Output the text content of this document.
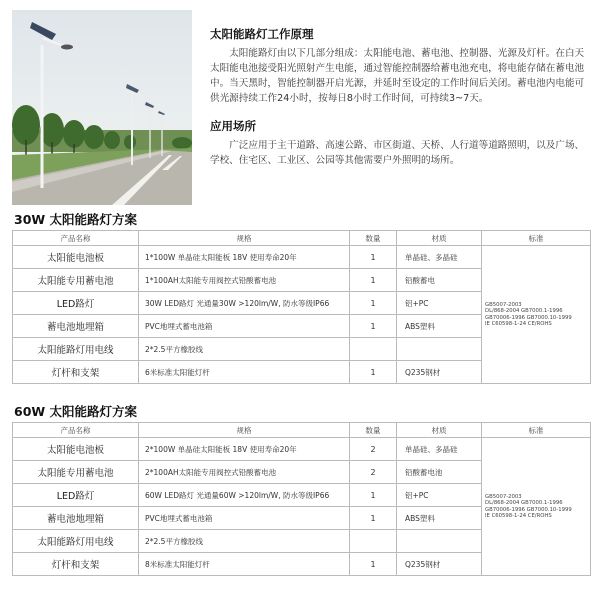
太阳能路灯工作原理

太阳能路灯由以下几部分组成：太阳能电池、蓄电池、控制器、光源及灯杆。在白天太阳能电池接受阳光照射产生电能，通过智能控制器给蓄电池充电，将电能存储在蓄电池中。当天黑时，智能控制器开启光源，并延时至设定的工作时间后关闭。蓄电池内电能可供光源持续工作24小时，按每日8小时工作时间，可持续3~7天。

应用场所

广泛应用于主干道路、高速公路、市区街道、天桥、人行道等道路照明，以及广场、学校、住宅区、工业区、公园等其他需要户外照明的场所。

30W 太阳能路灯方案
产品名称	规格	数量	材质	标准
太阳能电池板	1*100W 单晶硅太阳能板 18V 使用寿命20年	1	单晶硅、多晶硅	GB5007-2003
DL/868-2004 GB7000.1-1996
GB70006-1996 GB7000.10-1999
IE C60598-1-24 CE/ROHS

太阳能专用蓄电池	1*100AH太阳能专用阀控式铅酸蓄电池	1	铅酸蓄电	
LED路灯	30W LED路灯 光通量30W >120lm/W, 防水等级IP66	1	铝+PC	
蓄电池地埋箱	PVC地埋式蓄电池箱	1	ABS塑料	
太阳能路灯用电线	2*2.5平方橡胶线			
灯杆和支架	6米标准太阳能灯杆	1	Q235钢材	
60W 太阳能路灯方案
产品名称	规格	数量	材质	标准
太阳能电池板	2*100W 单晶硅太阳能板 18V 使用寿命20年	2	单晶硅、多晶硅	GB5007-2003
DL/868-2004 GB7000.1-1996
GB70006-1996 GB7000.10-1999
IE C60598-1-24 CE/ROHS

太阳能专用蓄电池	2*100AH太阳能专用阀控式铅酸蓄电池	2	铅酸蓄电池	
LED路灯	60W LED路灯 光通量60W >120lm/W, 防水等级IP66	1	铝+PC	
蓄电池地埋箱	PVC地埋式蓄电池箱	1	ABS塑料	
太阳能路灯用电线	2*2.5平方橡胶线			
灯杆和支架	8米标准太阳能灯杆	1	Q235钢材	
